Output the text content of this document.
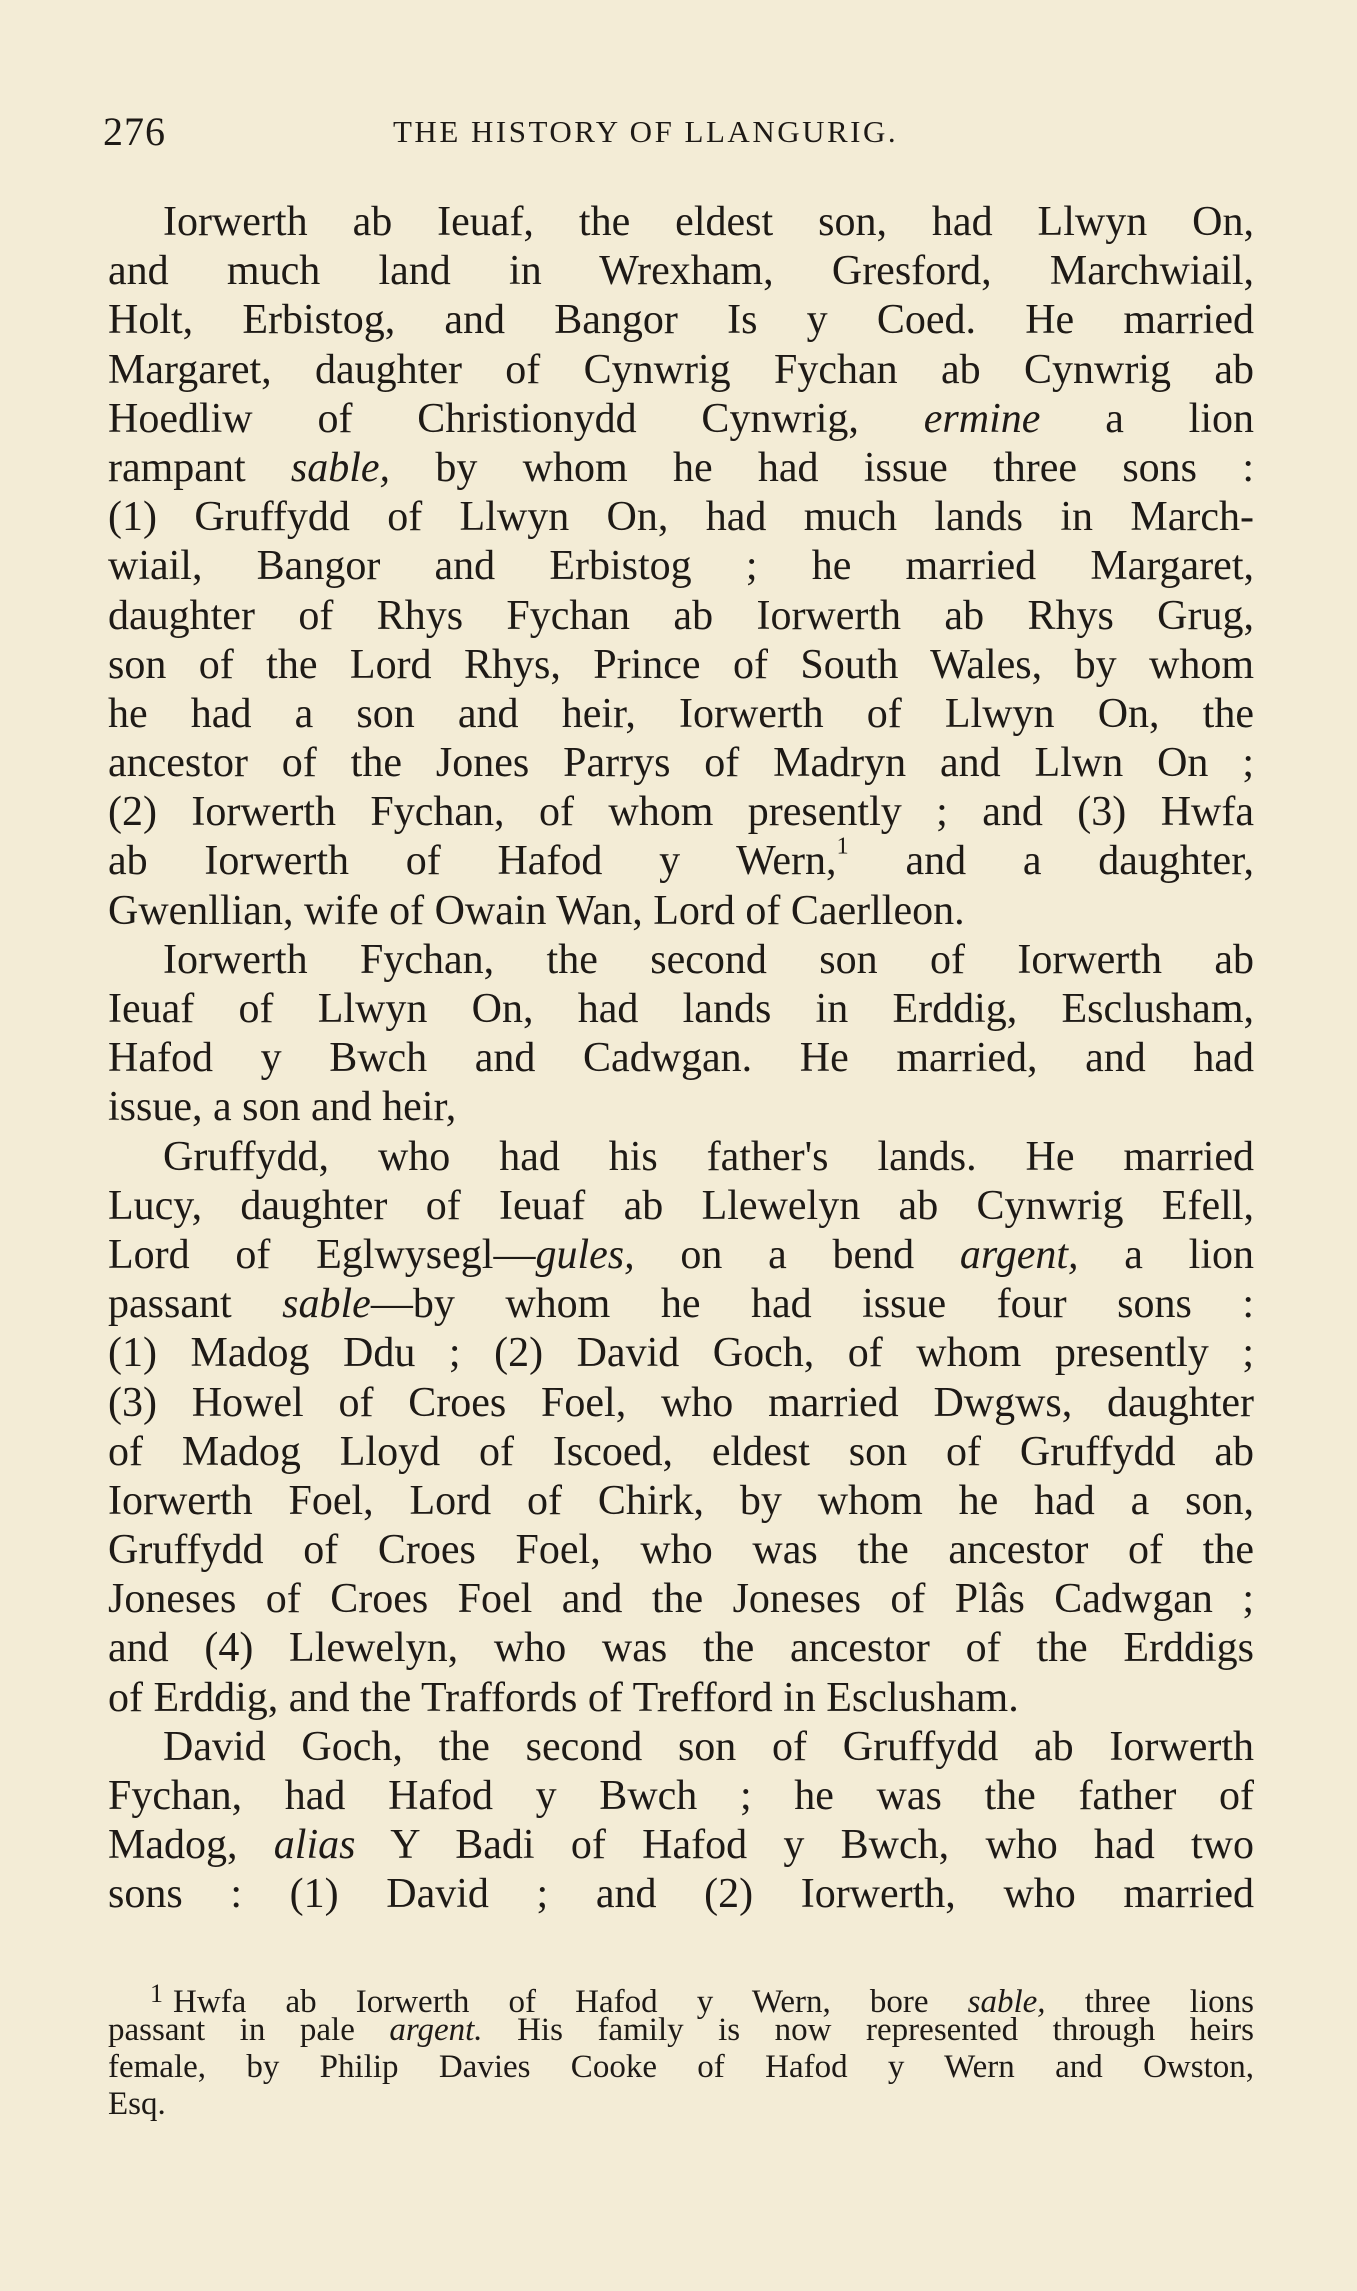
276	THE HISTORY OF LLANGURIG.
Iorwerth ab Ieuaf, the eldest son, had Llwyn On,
and much land in Wrexham, Gresford, Marchwiail,
Holt, Erbistog, and Bangor Is y Coed. He married
Margaret, daughter of Cynwrig Fychan ab Cynwrig ab
Hoedliw of Christionydd Cynwrig, ermine a lion
rampant sable, by whom he had issue three sons :
(1) Gruffydd of Llwyn On, had much lands in March-
wiail, Bangor and Erbistog ; he married Margaret,
daughter of Rhys Fychan ab Iorwerth ab Rhys Grug,
son of the Lord Rhys, Prince of South Wales, by whom
he had a son and heir, Iorwerth of Llwyn On, the
ancestor of the Jones Parrys of Madryn and Llwn On ;
(2) Iorwerth Fychan, of whom presently ; and (3) Hwfa
ab Iorwerth of Hafod y Wern,$^1$ and a daughter,
Gwenllian, wife of Owain Wan, Lord of Caerlleon.
Iorwerth Fychan, the second son of Iorwerth ab
Ieuaf of Llwyn On, had lands in Erddig, Esclusham,
Hafod y Bwch and Cadwgan. He married, and had
issue, a son and heir,
Gruffydd, who had his father's lands. He married
Lucy, daughter of Ieuaf ab Llewelyn ab Cynwrig Efell,
Lord of Eglwysegl—gules, on a bend argent, a lion
passant sable—by whom he had issue four sons :
(1) Madog Ddu ; (2) David Goch, of whom presently ;
(3) Howel of Croes Foel, who married Dwgws, daughter
of Madog Lloyd of Iscoed, eldest son of Gruffydd ab
Iorwerth Foel, Lord of Chirk, by whom he had a son,
Gruffydd of Croes Foel, who was the ancestor of the
Joneses of Croes Foel and the Joneses of Plâs Cadwgan ;
and (4) Llewelyn, who was the ancestor of the Erddigs
of Erddig, and the Traffords of Trefford in Esclusham.
David Goch, the second son of Gruffydd ab Iorwerth
Fychan, had Hafod y Bwch ; he was the father of
Madog, alias Y Badi of Hafod y Bwch, who had two
sons : (1) David ; and (2) Iorwerth, who married
$^1$ Hwfa ab Iorwerth of Hafod y Wern, bore sable, three lions
passant in pale argent. His family is now represented through heirs
female, by Philip Davies Cooke of Hafod y Wern and Owston,
Esq.
